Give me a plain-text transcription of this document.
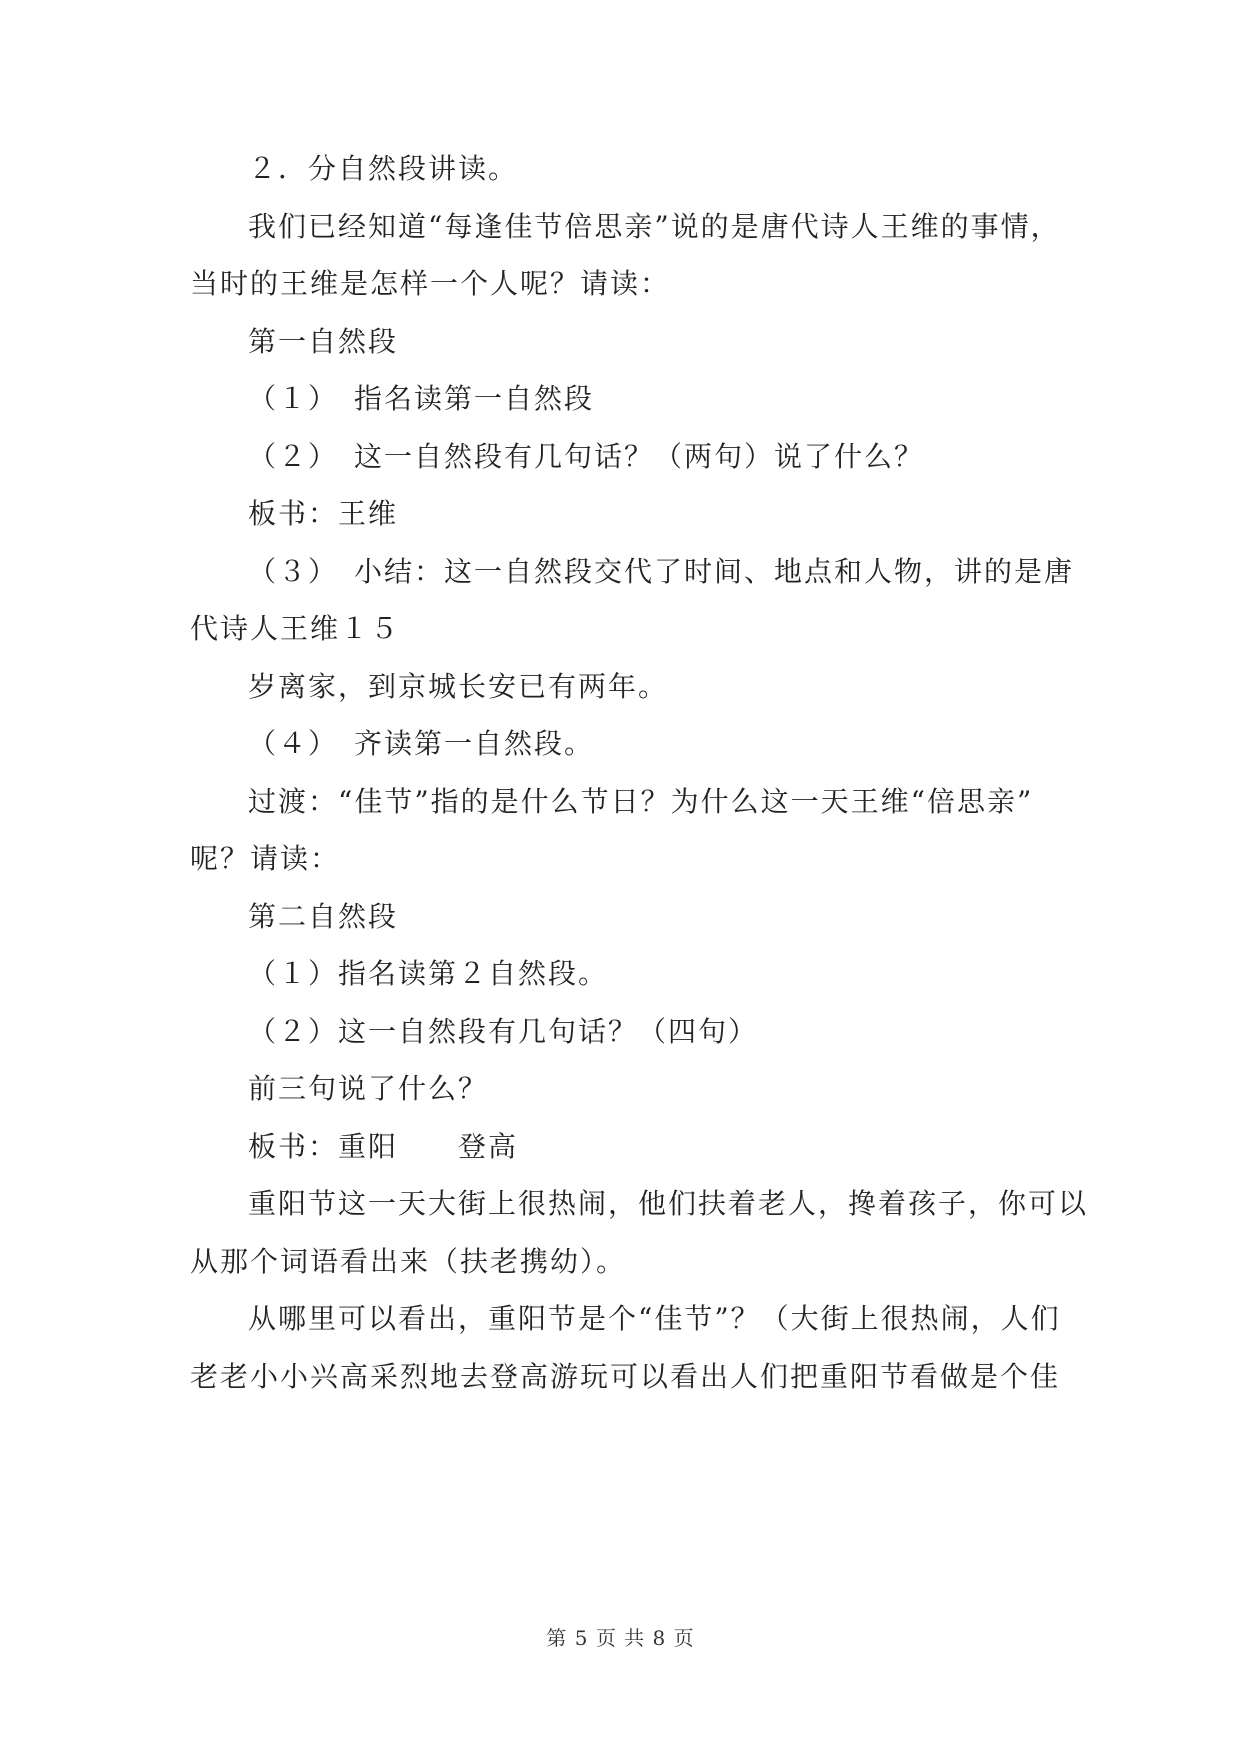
２．分自然段讲读。
我们已经知道“每逢佳节倍思亲”说的是唐代诗人王维的事情，
当时的王维是怎样一个人呢？请读：
第一自然段
（１）　指名读第一自然段
（２）　这一自然段有几句话？（两句）说了什么？
板书：王维
（３）　小结：这一自然段交代了时间、地点和人物，讲的是唐
代诗人王维１５
岁离家，到京城长安已有两年。
（４）　齐读第一自然段。
过渡：“佳节”指的是什么节日？为什么这一天王维“倍思亲”
呢？请读：
第二自然段
（１）指名读第２自然段。
（２）这一自然段有几句话？（四句）
前三句说了什么？
板书：重阳　　登高
重阳节这一天大街上很热闹，他们扶着老人，搀着孩子，你可以
从那个词语看出来（扶老携幼）。
从哪里可以看出，重阳节是个“佳节”？（大街上很热闹，人们
老老小小兴高采烈地去登高游玩可以看出人们把重阳节看做是个佳
第 5 页 共 8 页
